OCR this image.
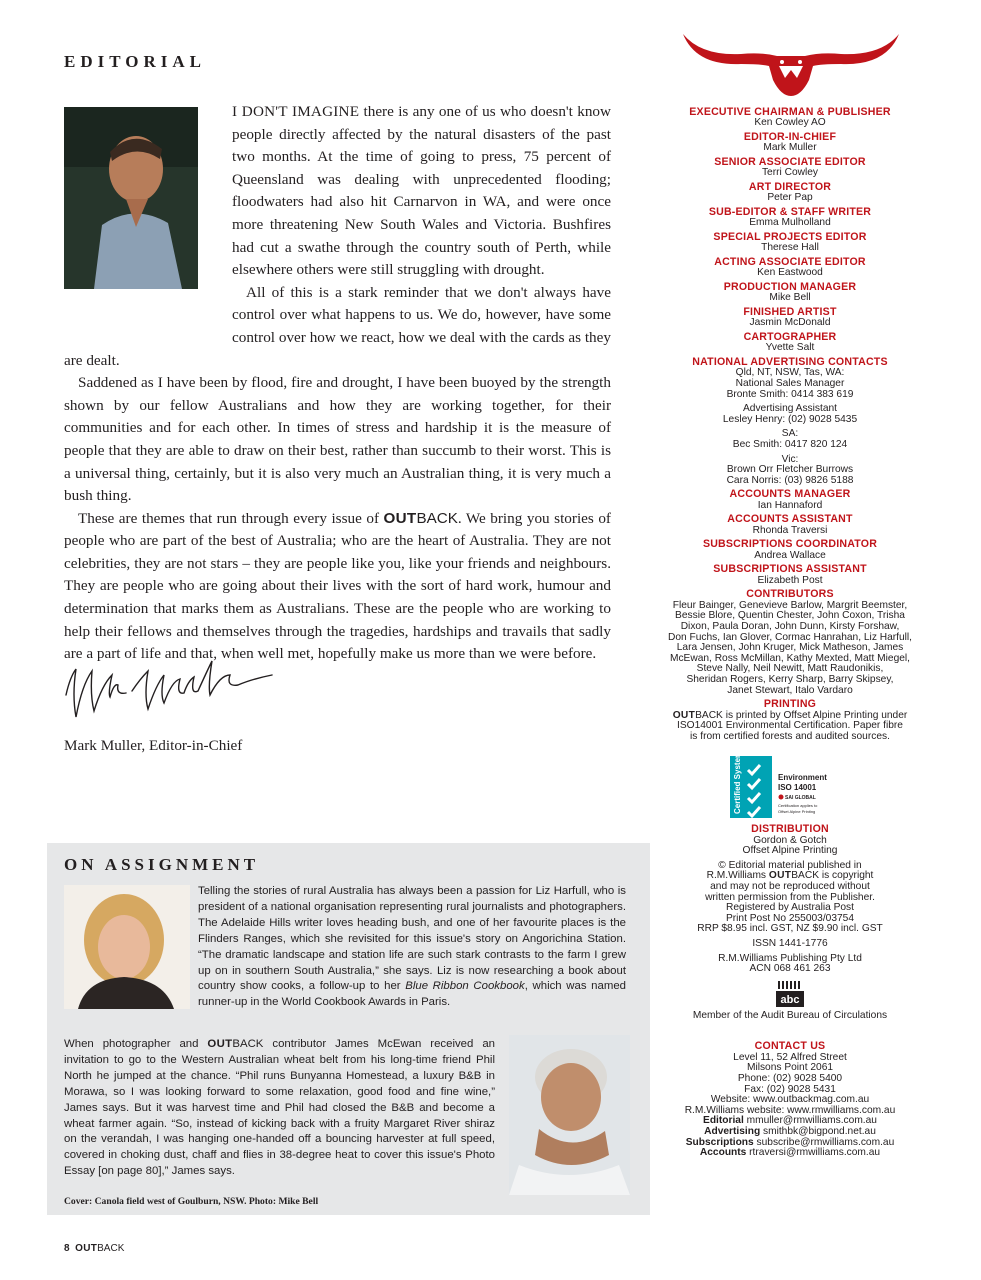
EDITORIAL

I DON'T IMAGINE there is any one of us who doesn't know people directly affected by the natural disasters of the past two months. At the time of going to press, 75 percent of Queensland was dealing with unprecedented flooding; floodwaters had also hit Carnarvon in WA, and were once more threatening New South Wales and Victoria. Bushfires had cut a swathe through the country south of Perth, while elsewhere others were still struggling with drought.

All of this is a stark reminder that we don't always have control over what happens to us. We do, however, have some control over how we react, how we deal with the cards as they are dealt.

Saddened as I have been by flood, fire and drought, I have been buoyed by the strength shown by our fellow Australians and how they are working together, for their communities and for each other. In times of stress and hardship it is the measure of people that they are able to draw on their best, rather than succumb to their worst. This is a universal thing, certainly, but it is also very much an Australian thing, it is very much a bush thing.

These are themes that run through every issue of OUTBACK. We bring you stories of people who are part of the best of Australia; who are the heart of Australia. They are not celebrities, they are not stars – they are people like you, like your friends and neighbours. They are people who are going about their lives with the sort of hard work, humour and determination that marks them as Australians. These are the people who are working to help their fellows and themselves through the tragedies, hardships and travails that sadly are a part of life and that, when well met, hopefully make us more than we were before.

Mark Muller, Editor-in-Chief
EXECUTIVE CHAIRMAN & PUBLISHER
Ken Cowley AO
EDITOR-IN-CHIEF
Mark Muller
SENIOR ASSOCIATE EDITOR
Terri Cowley
ART DIRECTOR
Peter Pap
SUB-EDITOR & STAFF WRITER
Emma Mulholland
SPECIAL PROJECTS EDITOR
Therese Hall
ACTING ASSOCIATE EDITOR
Ken Eastwood
PRODUCTION MANAGER
Mike Bell
FINISHED ARTIST
Jasmin McDonald
CARTOGRAPHER
Yvette Salt
NATIONAL ADVERTISING CONTACTS
Qld, NT, NSW, Tas, WA:
National Sales Manager
Bronte Smith: 0414 383 619
Advertising Assistant
Lesley Henry: (02) 9028 5435
SA:
Bec Smith: 0417 820 124
Vic:
Brown Orr Fletcher Burrows
Cara Norris: (03) 9826 5188
ACCOUNTS MANAGER
Ian Hannaford
ACCOUNTS ASSISTANT
Rhonda Traversi
SUBSCRIPTIONS COORDINATOR
Andrea Wallace
SUBSCRIPTIONS ASSISTANT
Elizabeth Post
CONTRIBUTORS
Fleur Bainger, Genevieve Barlow, Margrit Beemster,
Bessie Blore, Quentin Chester, John Coxon, Trisha
Dixon, Paula Doran, John Dunn, Kirsty Forshaw,
Don Fuchs, Ian Glover, Cormac Hanrahan, Liz Harfull,
Lara Jensen, John Kruger, Mick Matheson, James
McEwan, Ross McMillan, Kathy Mexted, Matt Miegel,
Steve Nally, Neil Newitt, Matt Raudonikis,
Sheridan Rogers, Kerry Sharp, Barry Skipsey,
Janet Stewart, Italo Vardaro
PRINTING
OUTBACK is printed by Offset Alpine Printing under
ISO14001 Environmental Certification. Paper fibre
is from certified forests and audited sources.
Certified System	Environment
ISO 14001
SAI GLOBAL
Certification applies to
Offset Alpine Printing
DISTRIBUTION
Gordon & Gotch
Offset Alpine Printing
© Editorial material published in
R.M.Williams OUTBACK is copyright
and may not be reproduced without
written permission from the Publisher.
Registered by Australia Post
Print Post No 255003/03754
RRP $8.95 incl. GST, NZ $9.90 incl. GST
ISSN 1441-1776
R.M.Williams Publishing Pty Ltd
ACN 068 461 263
abc
Member of the Audit Bureau of Circulations
CONTACT US
Level 11, 52 Alfred Street
Milsons Point 2061
Phone: (02) 9028 5400
Fax: (02) 9028 5431
Website: www.outbackmag.com.au
R.M.Williams website: www.rmwilliams.com.au
Editorial mmuller@rmwilliams.com.au
Advertising smithbk@bigpond.net.au
Subscriptions subscribe@rmwilliams.com.au
Accounts rtraversi@rmwilliams.com.au
ON ASSIGNMENT
Telling the stories of rural Australia has always been a passion for Liz Harfull, who is president of a national organisation representing rural journalists and photographers. The Adelaide Hills writer loves heading bush, and one of her favourite places is the Flinders Ranges, which she revisited for this issue's story on Angorichina Station. “The dramatic landscape and station life are such stark contrasts to the farm I grew up on in southern South Australia,” she says. Liz is now researching a book about country show cooks, a follow-up to her Blue Ribbon Cookbook, which was named runner-up in the World Cookbook Awards in Paris.
When photographer and OUTBACK contributor James McEwan received an invitation to go to the Western Australian wheat belt from his long-time friend Phil North he jumped at the chance. “Phil runs Bunyanna Homestead, a luxury B&B in Morawa, so I was looking forward to some relaxation, good food and fine wine,” James says. But it was harvest time and Phil had closed the B&B and become a wheat farmer again. “So, instead of kicking back with a fruity Margaret River shiraz on the verandah, I was hanging one-handed off a bouncing harvester at full speed, covered in choking dust, chaff and flies in 38-degree heat to cover this issue's Photo Essay [on page 80],” James says.
Cover: Canola field west of Goulburn, NSW. Photo: Mike Bell
8 OUTBACK
